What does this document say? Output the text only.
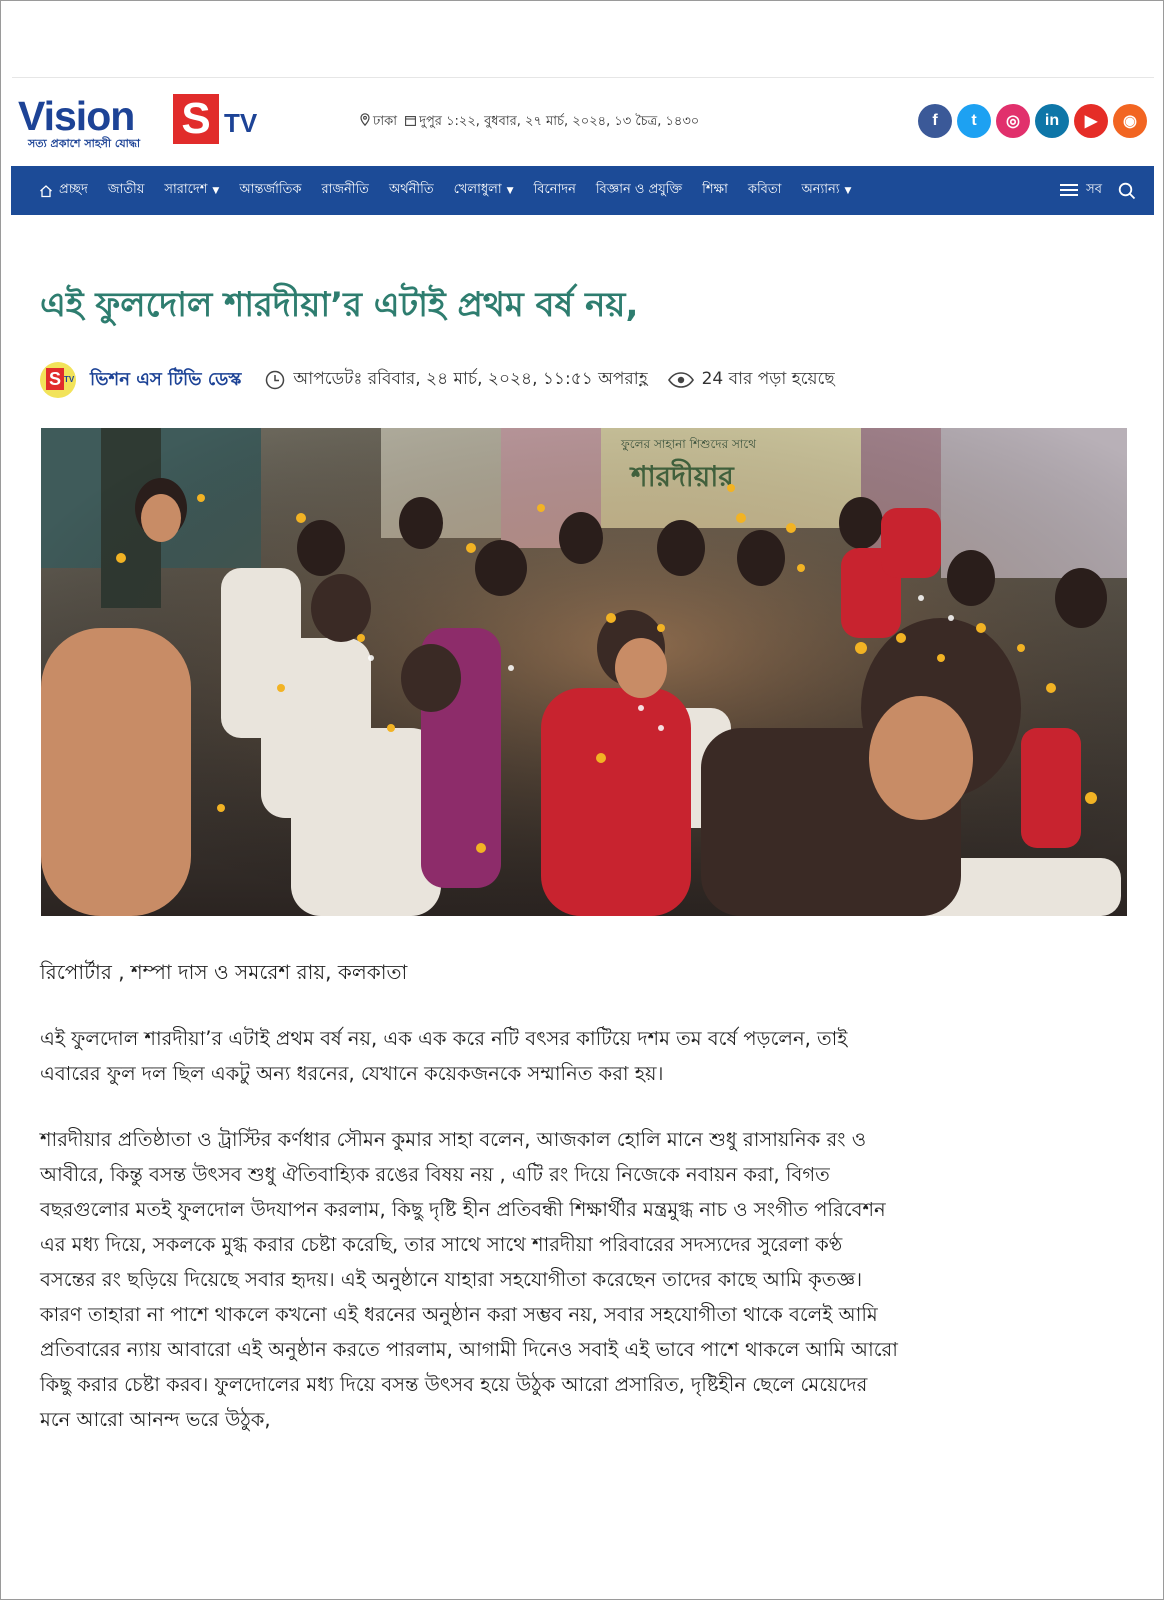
Vision S TV
সত্য প্রকাশে সাহসী যোদ্ধা
ঢাকা দুপুর ১:২২, বুধবার, ২৭ মার্চ, ২০২৪, ১৩ চৈত্র, ১৪৩০	f	t	◎	in	▶	◉
প্রচ্ছদ জাতীয় সারাদেশ ▼ আন্তর্জাতিক রাজনীতি অর্থনীতি খেলাধুলা ▼ বিনোদন বিজ্ঞান ও প্রযুক্তি শিক্ষা কবিতা অন্যান্য ▼	সব
এই ফুলদোল শারদীয়া’র এটাই প্রথম বর্ষ নয়,
S TV ভিশন এস টিভি ডেস্ক	আপডেটঃ রবিবার, ২৪ মার্চ, ২০২৪, ১১:৫১ অপরাহ্ণ	24 বার পড়া হয়েছে
রিপোর্টার , শম্পা দাস ও সমরেশ রায়, কলকাতা
এই ফুলদোল শারদীয়া’র এটাই প্রথম বর্ষ নয়, এক এক করে নটি বৎসর কাটিয়ে দশম তম বর্ষে পড়লেন, তাই
এবারের ফুল দল ছিল একটু অন্য ধরনের, যেখানে কয়েকজনকে সম্মানিত করা হয়।
শারদীয়ার প্রতিষ্ঠাতা ও ট্রাস্টির কর্ণধার সৌমন কুমার সাহা বলেন, আজকাল হোলি মানে শুধু রাসায়নিক রং ও
আবীরে, কিন্তু বসন্ত উৎসব শুধু ঐতিবাহ্যিক রঙের বিষয় নয় , এটি রং দিয়ে নিজেকে নবায়ন করা, বিগত
বছরগুলোর মতই ফুলদোল উদযাপন করলাম, কিছু দৃষ্টি হীন প্রতিবন্ধী শিক্ষার্থীর মন্ত্রমুগ্ধ নাচ ও সংগীত পরিবেশন
এর মধ্য দিয়ে, সকলকে মুগ্ধ করার চেষ্টা করেছি, তার সাথে সাথে শারদীয়া পরিবারের সদস্যদের সুরেলা কণ্ঠ
বসন্তের রং ছড়িয়ে দিয়েছে সবার হৃদয়। এই অনুষ্ঠানে যাহারা সহযোগীতা করেছেন তাদের কাছে আমি কৃতজ্ঞ।
কারণ তাহারা না পাশে থাকলে কখনো এই ধরনের অনুষ্ঠান করা সম্ভব নয়, সবার সহযোগীতা থাকে বলেই আমি
প্রতিবারের ন্যায় আবারো এই অনুষ্ঠান করতে পারলাম, আগামী দিনেও সবাই এই ভাবে পাশে থাকলে আমি আরো
কিছু করার চেষ্টা করব। ফুলদোলের মধ্য দিয়ে বসন্ত উৎসব হয়ে উঠুক আরো প্রসারিত, দৃষ্টিহীন ছেলে মেয়েদের
মনে আরো আনন্দ ভরে উঠুক,
